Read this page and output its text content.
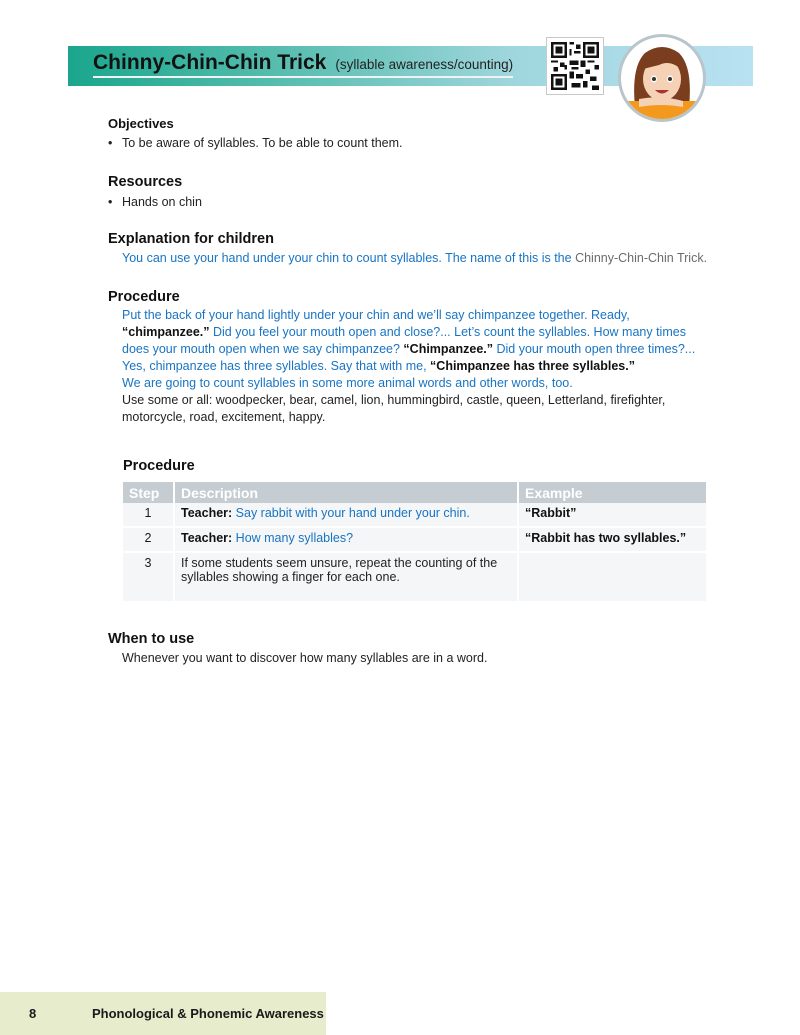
Chinny-Chin-Chin Trick (syllable awareness/counting)
Objectives
• To be aware of syllables. To be able to count them.
Resources
• Hands on chin
Explanation for children

You can use your hand under your chin to count syllables. The name of this is the Chinny-Chin-Chin Trick.

Procedure

Put the back of your hand lightly under your chin and we’ll say chimpanzee together. Ready,
“chimpanzee.” Did you feel your mouth open and close?... Let’s count the syllables. How many times does your mouth open when we say chimpanzee? “Chimpanzee.” Did your mouth open three times?... Yes, chimpanzee has three syllables. Say that with me, “Chimpanzee has three syllables.”
We are going to count syllables in some more animal words and other words, too.
Use some or all: woodpecker, bear, camel, lion, hummingbird, castle, queen, Letterland, firefighter, motorcycle, road, excitement, happy.

Procedure
Step	Description	Example
1	Teacher: Say rabbit with your hand under your chin.	“Rabbit”
2	Teacher: How many syllables?	“Rabbit has two syllables.”
3	If some students seem unsure, repeat the counting of the syllables showing a finger for each one.	
When to use

Whenever you want to discover how many syllables are in a word.

8	Phonological & Phonemic Awareness
